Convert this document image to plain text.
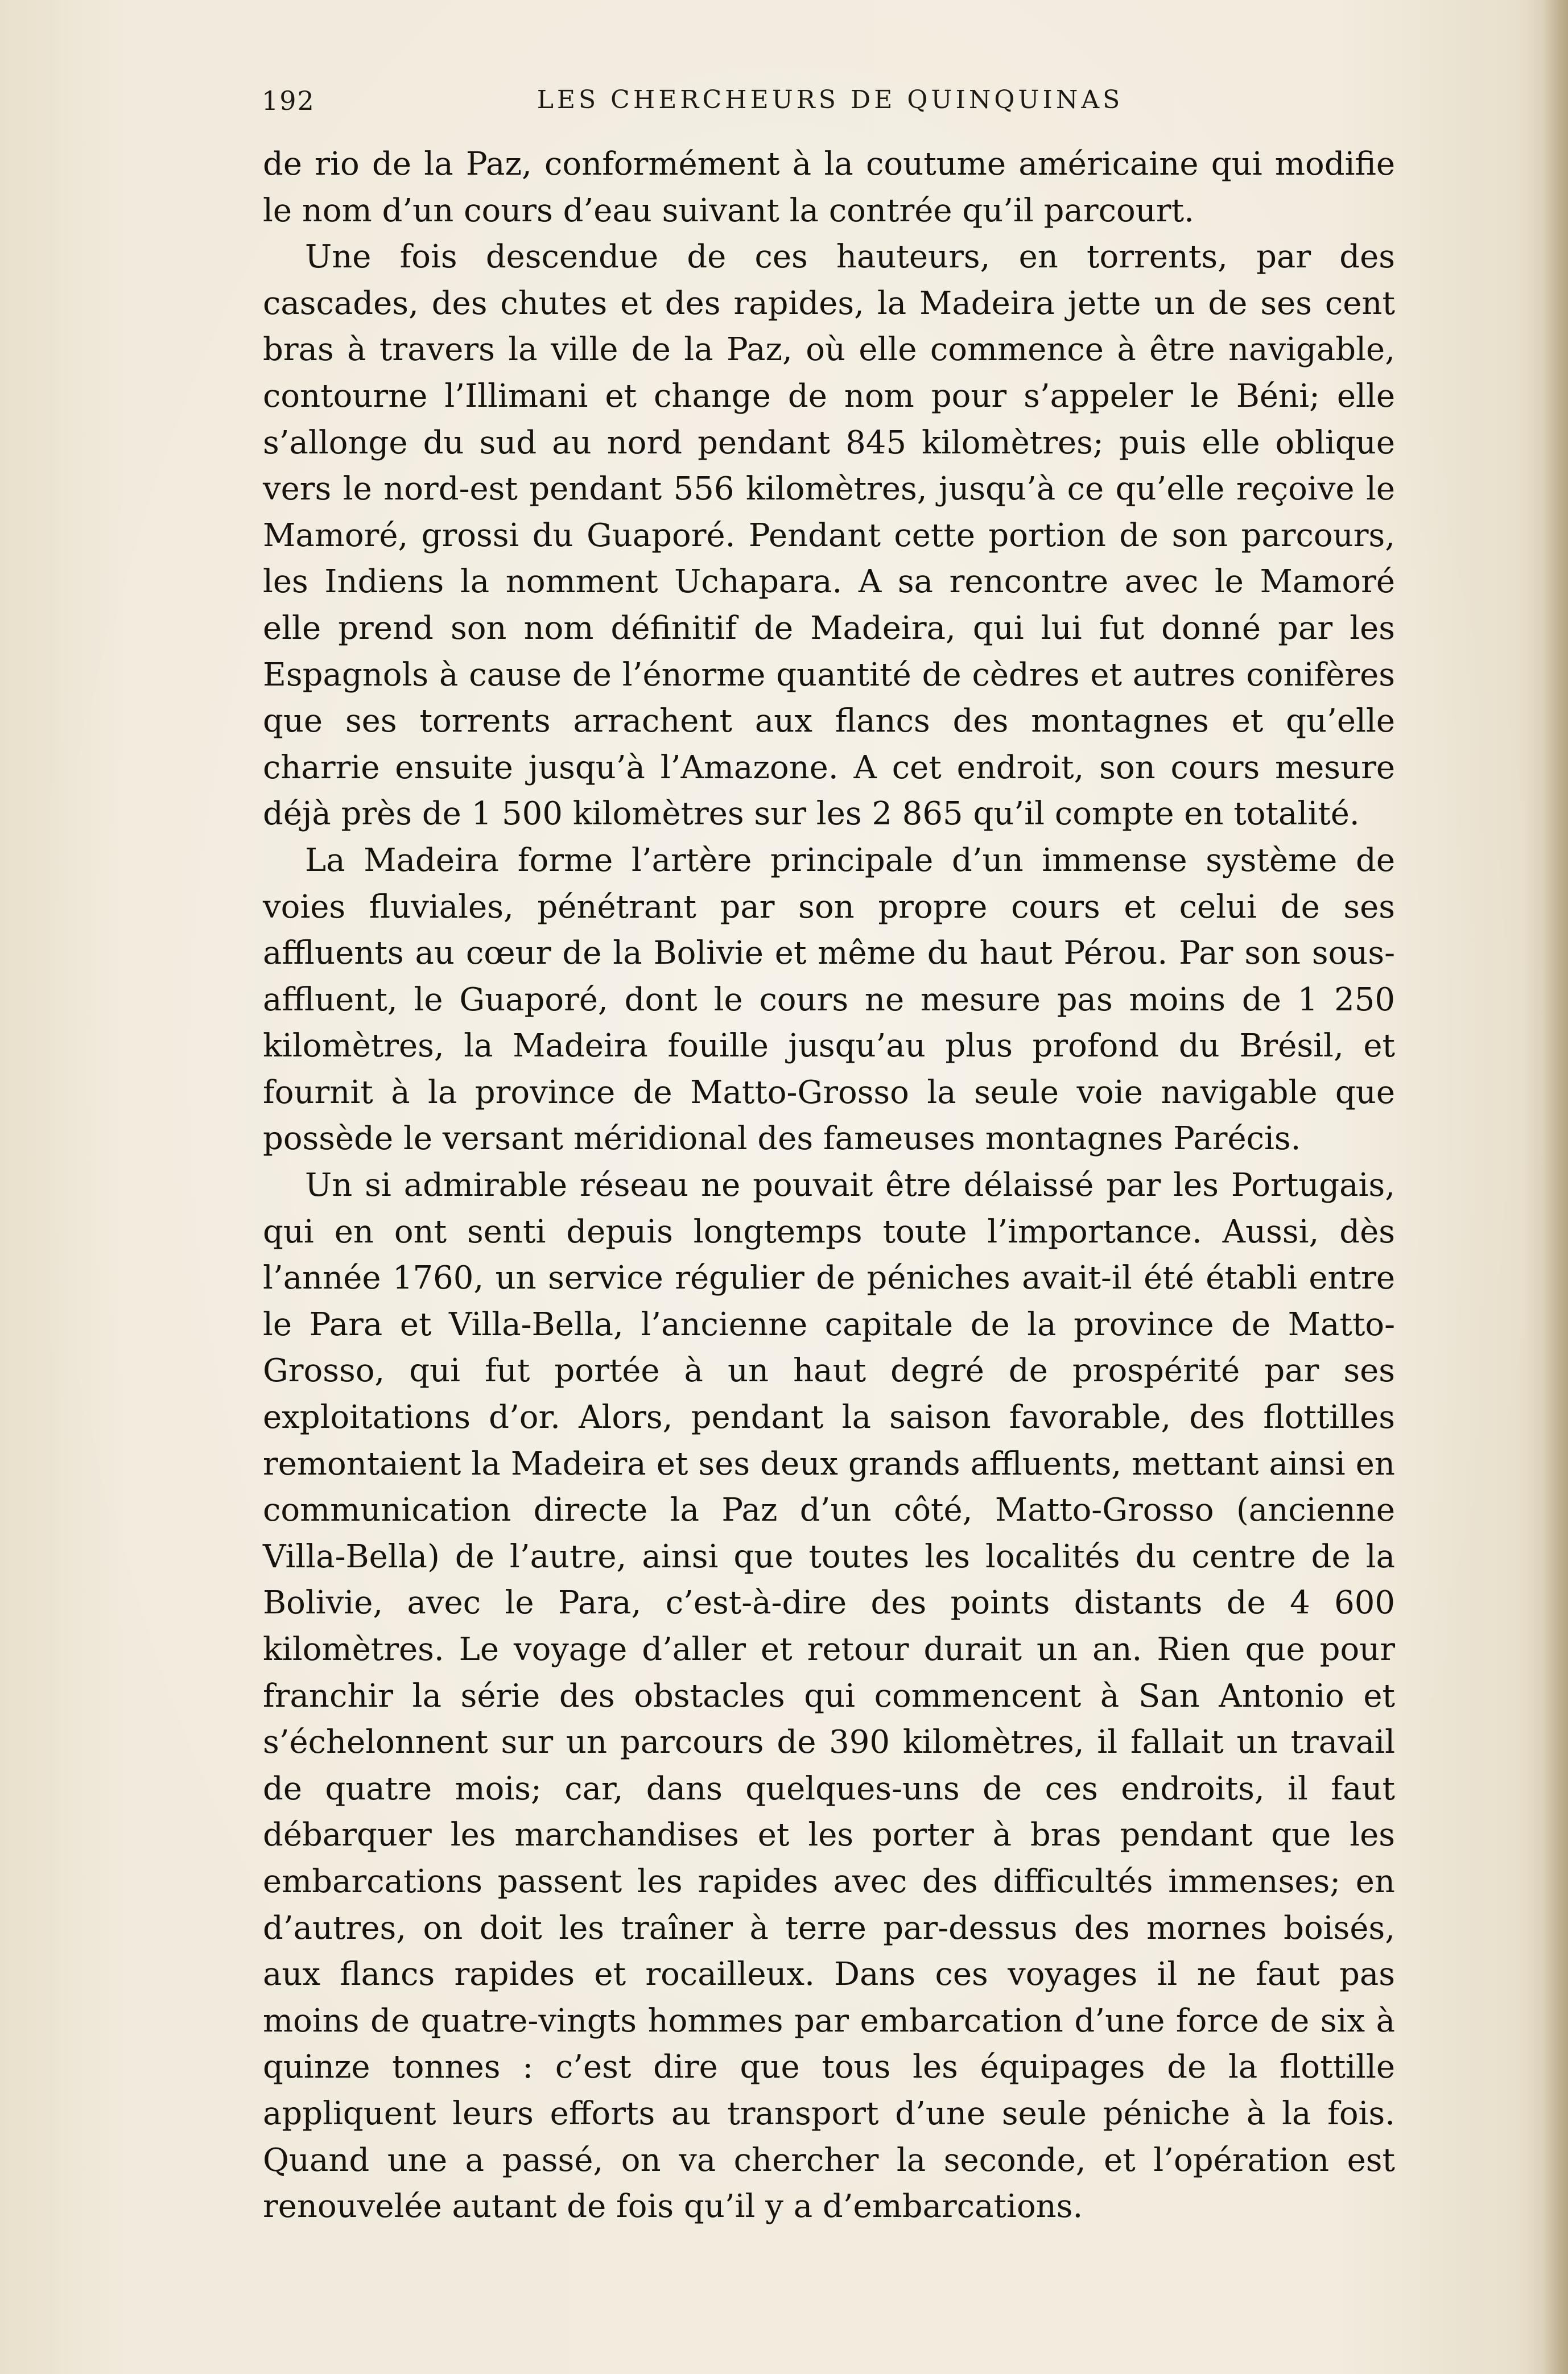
192	LES CHERCHEURS DE QUINQUINAS

de rio de la Paz, conformément à la coutume américaine qui modifie le nom d’un cours d’eau suivant la contrée qu’il parcourt.

Une fois descendue de ces hauteurs, en torrents, par des cascades, des chutes et des rapides, la Madeira jette un de ses cent bras à travers la ville de la Paz, où elle commence à être navigable, contourne l’Illimani et change de nom pour s’appeler le Béni; elle s’allonge du sud au nord pendant 845 kilomètres; puis elle oblique vers le nord-est pendant 556 kilomètres, jusqu’à ce qu’elle reçoive le Mamoré, grossi du Guaporé. Pendant cette portion de son parcours, les Indiens la nomment Uchapara. A sa rencontre avec le Mamoré elle prend son nom définitif de Madeira, qui lui fut donné par les Espagnols à cause de l’énorme quantité de cèdres et autres conifères que ses torrents arrachent aux flancs des montagnes et qu’elle charrie ensuite jusqu’à l’Amazone. A cet endroit, son cours mesure déjà près de 1 500 kilomètres sur les 2 865 qu’il compte en totalité.

La Madeira forme l’artère principale d’un immense système de voies fluviales, pénétrant par son propre cours et celui de ses affluents au cœur de la Bolivie et même du haut Pérou. Par son sous-affluent, le Guaporé, dont le cours ne mesure pas moins de 1 250 kilomètres, la Madeira fouille jusqu’au plus profond du Brésil, et fournit à la province de Matto-Grosso la seule voie navigable que possède le versant méridional des fameuses montagnes Parécis.

Un si admirable réseau ne pouvait être délaissé par les Portugais, qui en ont senti depuis longtemps toute l’importance. Aussi, dès l’année 1760, un service régulier de péniches avait-il été établi entre le Para et Villa-Bella, l’ancienne capitale de la province de Matto-Grosso, qui fut portée à un haut degré de prospérité par ses exploitations d’or. Alors, pendant la saison favorable, des flottilles remontaient la Madeira et ses deux grands affluents, mettant ainsi en communication directe la Paz d’un côté, Matto-Grosso (ancienne Villa-Bella) de l’autre, ainsi que toutes les localités du centre de la Bolivie, avec le Para, c’est-à-dire des points distants de 4 600 kilomètres. Le voyage d’aller et retour durait un an. Rien que pour franchir la série des obstacles qui commencent à San Antonio et s’échelonnent sur un parcours de 390 kilomètres, il fallait un travail de quatre mois; car, dans quelques-uns de ces endroits, il faut débarquer les marchandises et les porter à bras pendant que les embarcations passent les rapides avec des difficultés immenses; en d’autres, on doit les traîner à terre par-dessus des mornes boisés, aux flancs rapides et rocailleux. Dans ces voyages il ne faut pas moins de quatre-vingts hommes par embarcation d’une force de six à quinze tonnes : c’est dire que tous les équipages de la flottille appliquent leurs efforts au transport d’une seule péniche à la fois. Quand une a passé, on va chercher la seconde, et l’opération est renouvelée autant de fois qu’il y a d’embarcations.
